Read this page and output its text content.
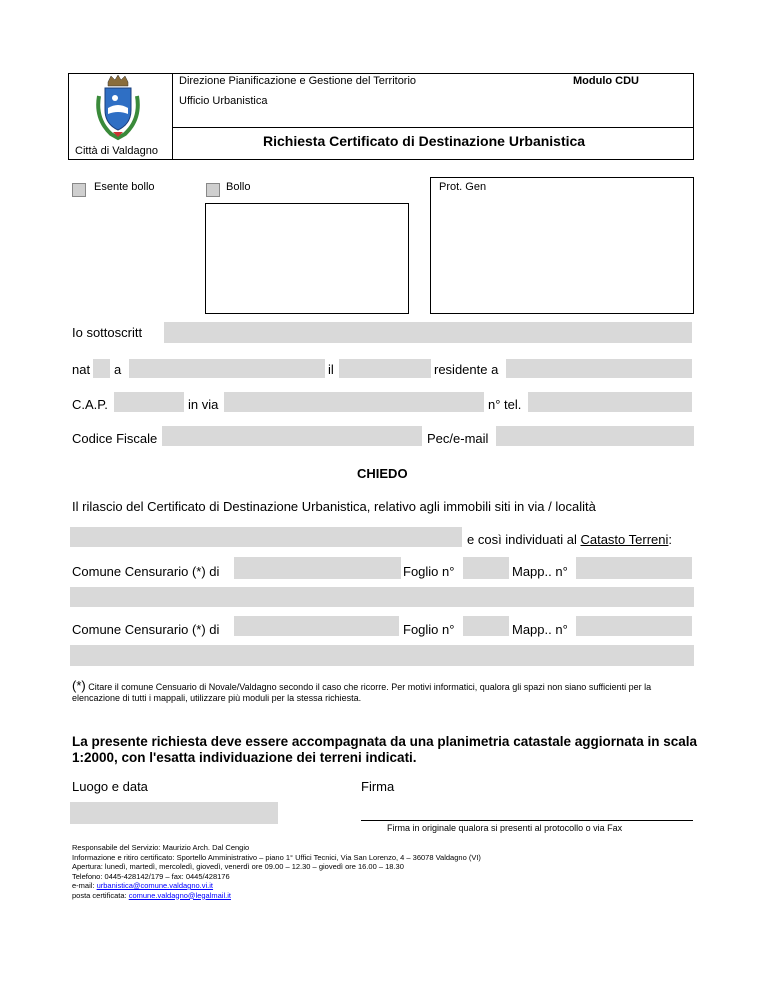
Città di Valdagno
Direzione Pianificazione e Gestione del Territorio
Ufficio Urbanistica
Modulo CDU
Richiesta Certificato di Destinazione Urbanistica
Esente bollo	Bollo	Prot. Gen
Io sottoscritt
nat a	il	residente a
C.A.P.	in via	n° tel.
Codice Fiscale	Pec/e-mail
CHIEDO
Il rilascio del Certificato di Destinazione Urbanistica, relativo agli immobili siti in via / località
e così individuati al Catasto Terreni:
Comune Censurario (*) di	Foglio n°	Mapp.. n°
Comune Censurario (*) di	Foglio n°	Mapp.. n°
(*) Citare il comune Censuario di Novale/Valdagno secondo il caso che ricorre. Per motivi informatici, qualora gli spazi non siano sufficienti per la elencazione di tutti i mappali, utilizzare più moduli per la stessa richiesta.
La presente richiesta deve essere accompagnata da una planimetria catastale aggiornata in scala 1:2000, con l'esatta individuazione dei terreni indicati.
Luogo e data	Firma
Firma in originale qualora si presenti al protocollo o via Fax
Responsabile del Servizio: Maurizio Arch. Dal Cengio
Informazione e ritiro certificato: Sportello Amministrativo – piano 1° Uffici Tecnici, Via San Lorenzo, 4 – 36078 Valdagno (VI)
Apertura: lunedì, martedì, mercoledì, giovedì, venerdì ore 09.00 – 12.30 – giovedì ore 16.00 – 18.30
Telefono: 0445-428142/179 – fax: 0445/428176
e-mail: urbanistica@comune.valdagno.vi.it
posta certificata: comune.valdagno@legalmail.it
